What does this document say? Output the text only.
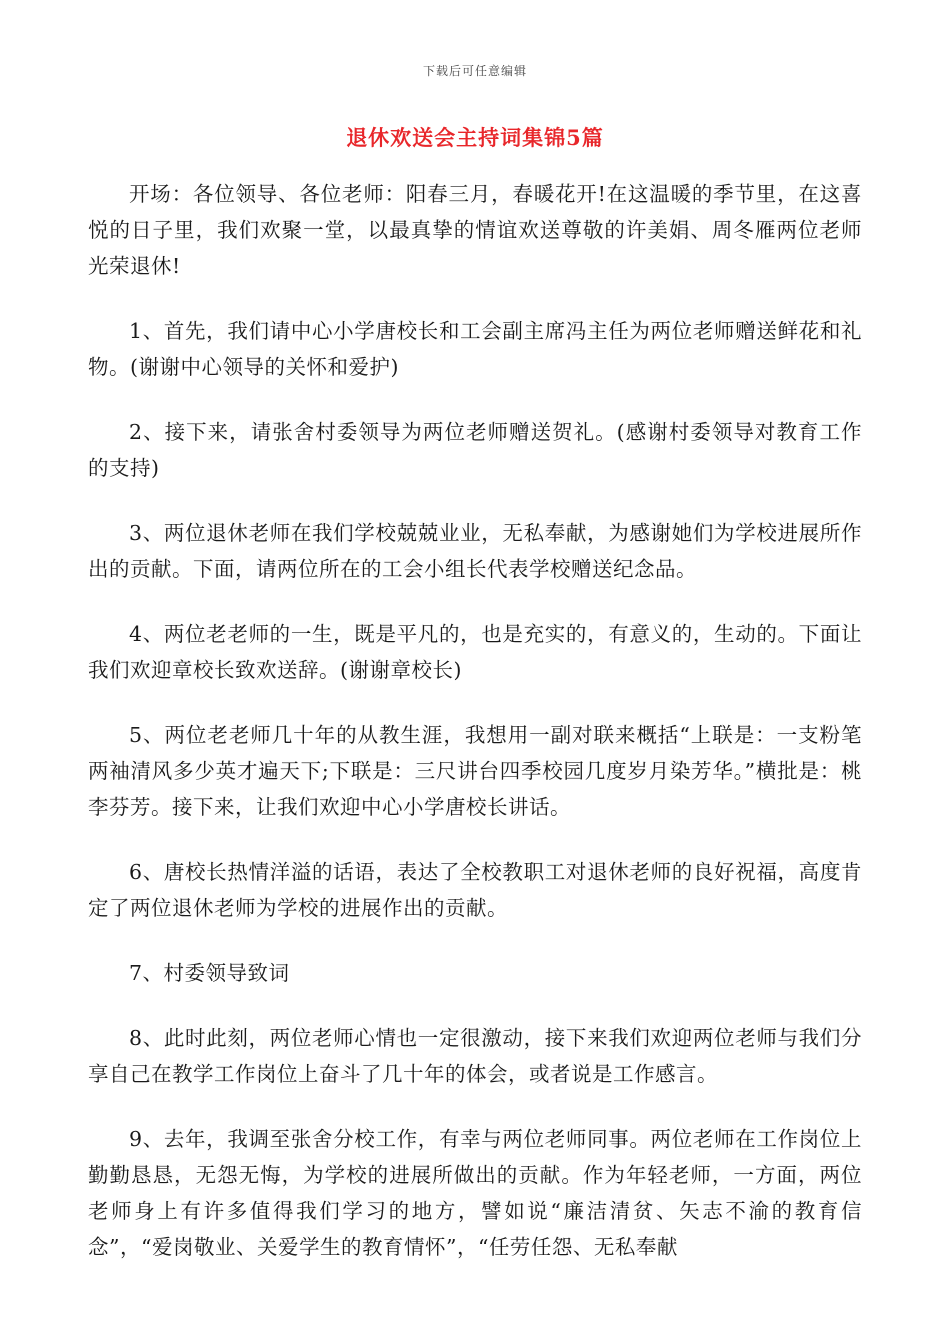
下载后可任意编辑
退休欢送会主持词集锦5篇

开场：各位领导、各位老师：阳春三月，春暖花开!在这温暖的季节里，在这喜悦的日子里，我们欢聚一堂，以最真挚的情谊欢送尊敬的许美娟、周冬雁两位老师光荣退休!

1、首先，我们请中心小学唐校长和工会副主席冯主任为两位老师赠送鲜花和礼物。(谢谢中心领导的关怀和爱护)

2、接下来，请张舍村委领导为两位老师赠送贺礼。(感谢村委领导对教育工作的支持)

3、两位退休老师在我们学校兢兢业业，无私奉献，为感谢她们为学校进展所作出的贡献。下面，请两位所在的工会小组长代表学校赠送纪念品。

4、两位老老师的一生，既是平凡的，也是充实的，有意义的，生动的。下面让我们欢迎章校长致欢送辞。(谢谢章校长)

5、两位老老师几十年的从教生涯，我想用一副对联来概括“上联是：一支粉笔两袖清风多少英才遍天下;下联是：三尺讲台四季校园几度岁月染芳华。”横批是：桃李芬芳。接下来，让我们欢迎中心小学唐校长讲话。

6、唐校长热情洋溢的话语，表达了全校教职工对退休老师的良好祝福，高度肯定了两位退休老师为学校的进展作出的贡献。

7、村委领导致词

8、此时此刻，两位老师心情也一定很激动，接下来我们欢迎两位老师与我们分享自己在教学工作岗位上奋斗了几十年的体会，或者说是工作感言。

9、去年，我调至张舍分校工作，有幸与两位老师同事。两位老师在工作岗位上勤勤恳恳，无怨无悔，为学校的进展所做出的贡献。作为年轻老师，一方面，两位老师身上有许多值得我们学习的地方，譬如说“廉洁清贫、矢志不渝的教育信念”，“爱岗敬业、关爱学生的教育情怀”，“任劳任怨、无私奉献
